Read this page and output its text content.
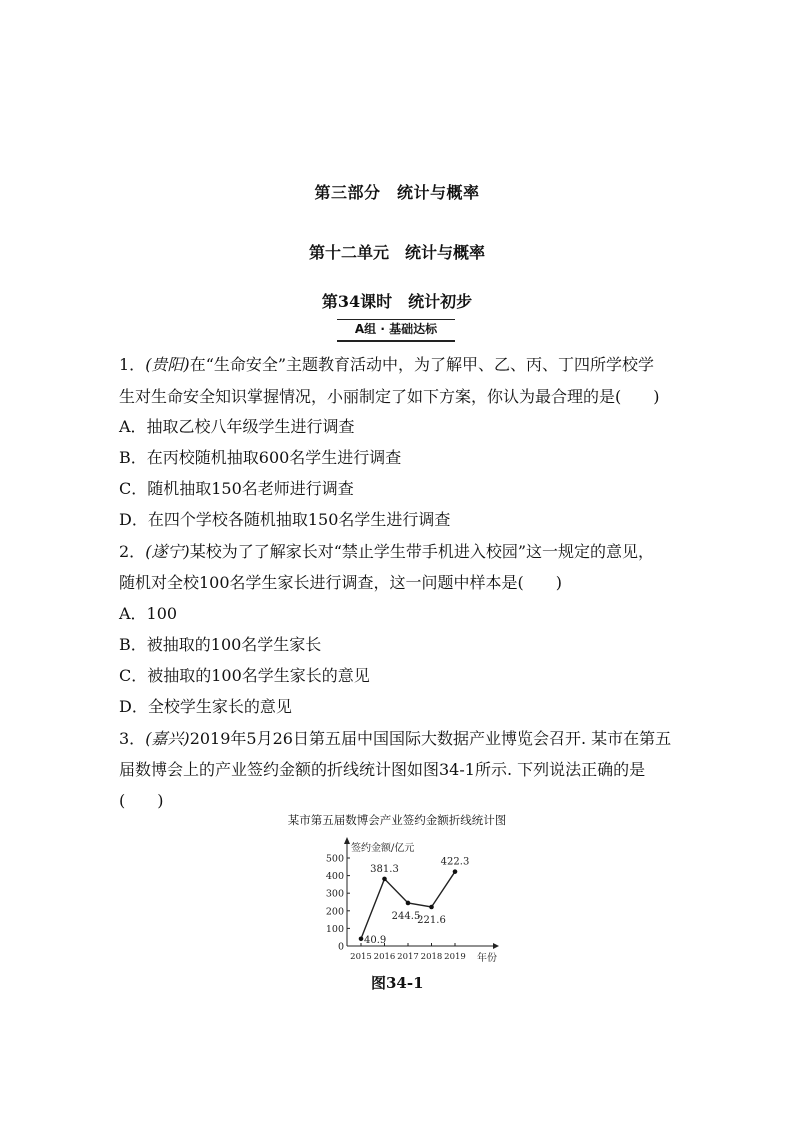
第三部分　统计与概率
第十二单元　统计与概率
第34课时　统计初步
A组 · 基础达标
1．(贵阳)在“生命安全”主题教育活动中，为了解甲、乙、丙、丁四所学校学
生对生命安全知识掌握情况，小丽制定了如下方案，你认为最合理的是(　　)
A．抽取乙校八年级学生进行调查
B．在丙校随机抽取600名学生进行调查
C．随机抽取150名老师进行调查
D．在四个学校各随机抽取150名学生进行调查
2．(遂宁)某校为了了解家长对“禁止学生带手机进入校园”这一规定的意见，
随机对全校100名学生家长进行调查，这一问题中样本是(　　)
A．100
B．被抽取的100名学生家长
C．被抽取的100名学生家长的意见
D．全校学生家长的意见
3．(嘉兴)2019年5月26日第五届中国国际大数据产业博览会召开. 某市在第五
届数博会上的产业签约金额的折线统计图如图34-1所示. 下列说法正确的是
(　　)
某市第五届数博会产业签约金额折线统计图
签约金额/亿元
年份
0
100
200
300
400
500
2015 2016 2017 2018 2019
40.9
381.3
244.5
221.6
422.3
图34-1
